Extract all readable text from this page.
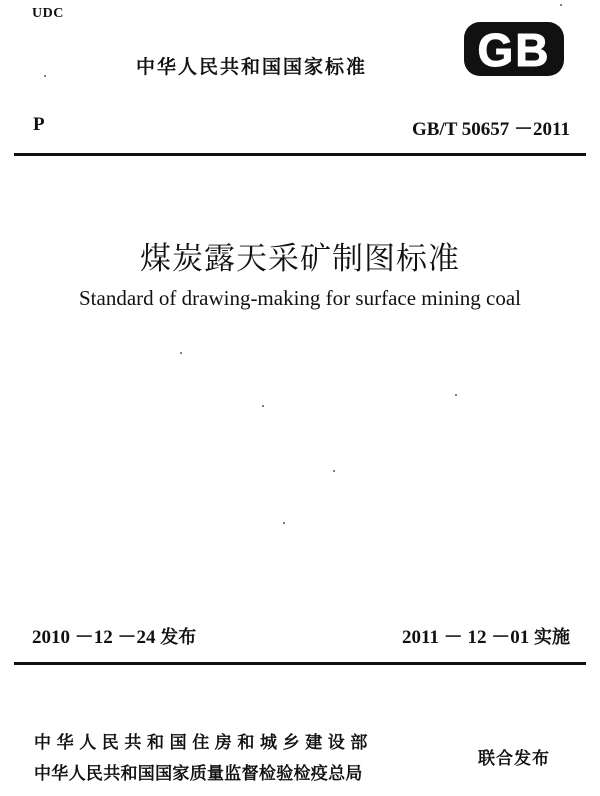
UDC
中华人民共和国国家标准 GB
P	GB/T 50657 －2011
煤炭露天采矿制图标准
Standard of drawing-making for surface mining coal
2010 －12 －24 发布	2011 － 12 －01 实施
中华人民共和国住房和城乡建设部
中华人民共和国国家质量监督检验检疫总局
联合发布
